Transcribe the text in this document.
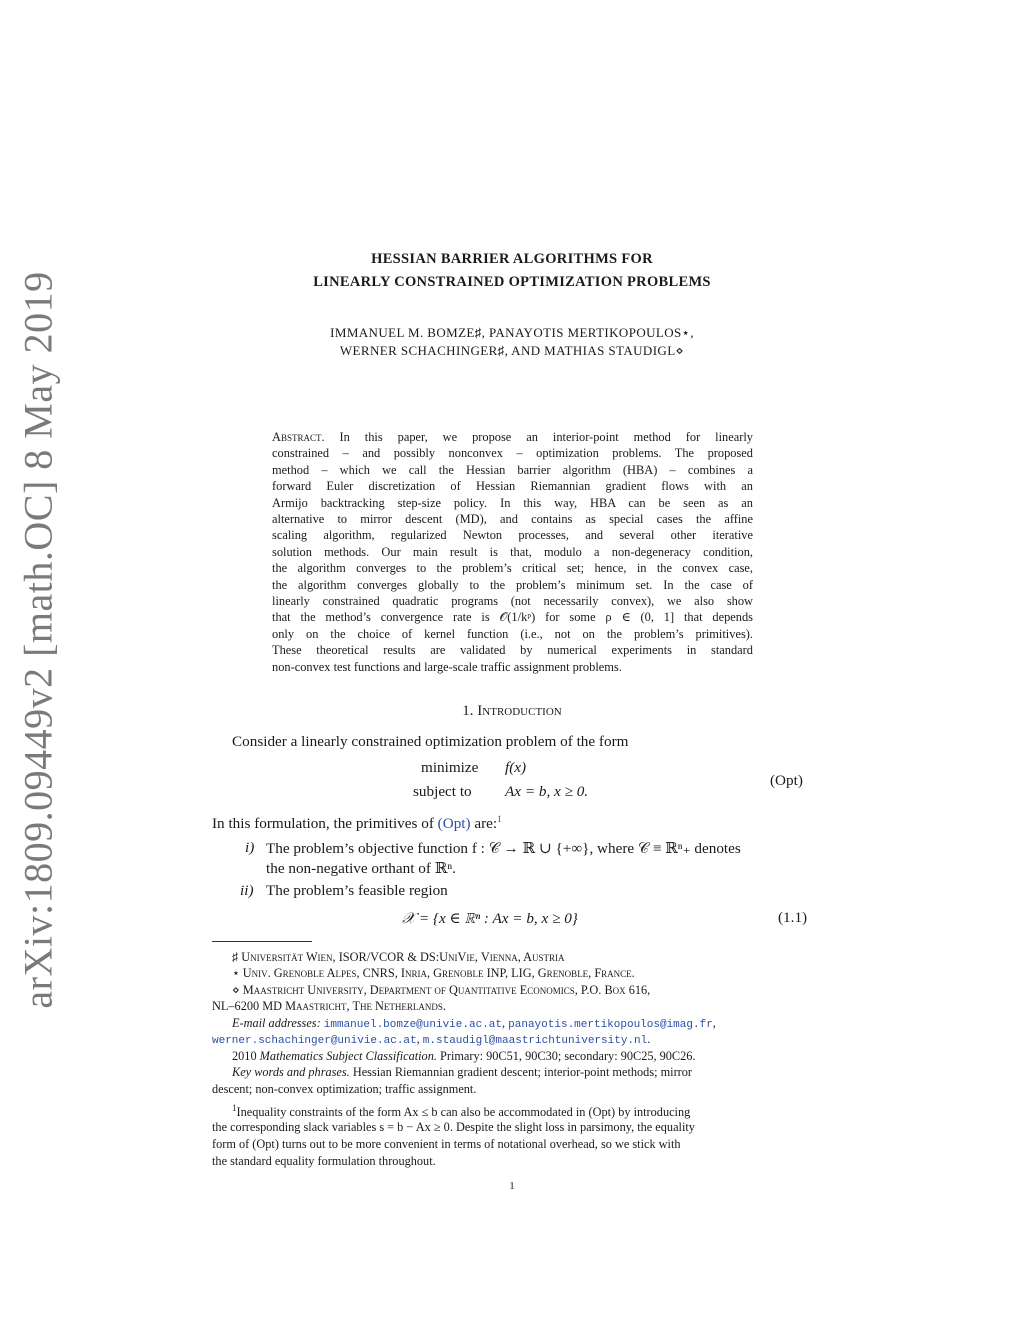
arXiv:1809.09449v2 [math.OC] 8 May 2019
HESSIAN BARRIER ALGORITHMS FOR
LINEARLY CONSTRAINED OPTIMIZATION PROBLEMS
IMMANUEL M. BOMZE♯, PANAYOTIS MERTIKOPOULOS⋆,
WERNER SCHACHINGER♯, AND MATHIAS STAUDIGL⋄
Abstract. In this paper, we propose an interior-point method for linearly
constrained – and possibly nonconvex – optimization problems. The proposed
method – which we call the Hessian barrier algorithm (HBA) – combines a
forward Euler discretization of Hessian Riemannian gradient flows with an
Armijo backtracking step-size policy. In this way, HBA can be seen as an
alternative to mirror descent (MD), and contains as special cases the affine
scaling algorithm, regularized Newton processes, and several other iterative
solution methods. Our main result is that, modulo a non-degeneracy condition,
the algorithm converges to the problem’s critical set; hence, in the convex case,
the algorithm converges globally to the problem’s minimum set. In the case of
linearly constrained quadratic programs (not necessarily convex), we also show
that the method’s convergence rate is 𝒪(1/kᵖ) for some ρ ∈ (0, 1] that depends
only on the choice of kernel function (i.e., not on the problem’s primitives).
These theoretical results are validated by numerical experiments in standard
non-convex test functions and large-scale traffic assignment problems.
1. Introduction
Consider a linearly constrained optimization problem of the form
minimize f(x)
subject to Ax = b, x ≥ 0.
(Opt)
In this formulation, the primitives of (Opt) are:$^1$
i) The problem’s objective function f : 𝒞 → ℝ ∪ {+∞}, where 𝒞 ≡ ℝⁿ₊ denotes
the non-negative orthant of ℝⁿ.
ii) The problem’s feasible region
𝒳 = {x ∈ ℝⁿ : Ax = b, x ≥ 0}	(1.1)
♯ Universität Wien, ISOR/VCOR & DS:UniVie, Vienna, Austria
⋆ Univ. Grenoble Alpes, CNRS, Inria, Grenoble INP, LIG, Grenoble, France.
⋄ Maastricht University, Department of Quantitative Economics, P.O. Box 616,
NL–6200 MD Maastricht, The Netherlands.
E-mail addresses: immanuel.bomze@univie.ac.at, panayotis.mertikopoulos@imag.fr,
werner.schachinger@univie.ac.at, m.staudigl@maastrichtuniversity.nl.
2010 Mathematics Subject Classification. Primary: 90C51, 90C30; secondary: 90C25, 90C26.
Key words and phrases. Hessian Riemannian gradient descent; interior-point methods; mirror
descent; non-convex optimization; traffic assignment.
$^1$Inequality constraints of the form Ax ≤ b can also be accommodated in (Opt) by introducing
the corresponding slack variables s = b − Ax ≥ 0. Despite the slight loss in parsimony, the equality
form of (Opt) turns out to be more convenient in terms of notational overhead, so we stick with
the standard equality formulation throughout.
1
